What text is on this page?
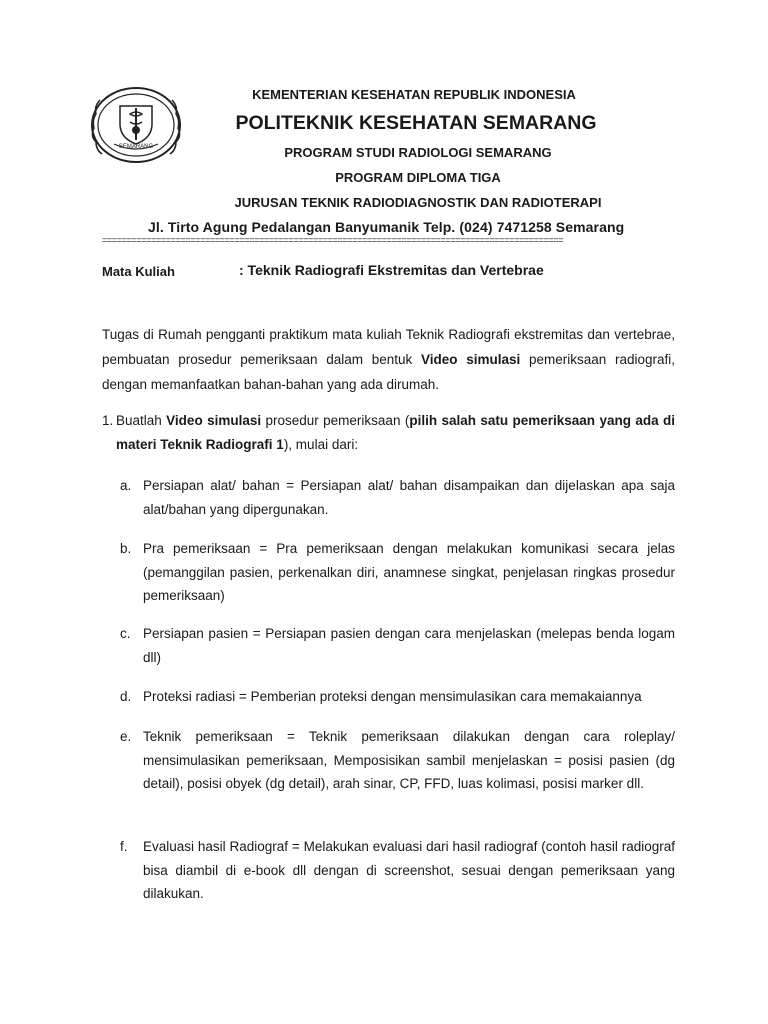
SEMARANG
KEMENTERIAN KESEHATAN REPUBLIK INDONESIA
POLITEKNIK KESEHATAN SEMARANG
PROGRAM STUDI RADIOLOGI SEMARANG
PROGRAM DIPLOMA TIGA
JURUSAN TEKNIK RADIODIAGNOSTIK DAN RADIOTERAPI
Jl. Tirto Agung Pedalangan Banyumanik Telp. (024) 7471258 Semarang
==============================================================================================
Mata Kuliah	: Teknik Radiografi Ekstremitas dan Vertebrae
Tugas di Rumah pengganti praktikum mata kuliah Teknik Radiografi ekstremitas dan vertebrae, pembuatan prosedur pemeriksaan dalam bentuk Video simulasi pemeriksaan radiografi, dengan memanfaatkan bahan-bahan yang ada dirumah.
1. Buatlah Video simulasi prosedur pemeriksaan (pilih salah satu pemeriksaan yang ada di materi Teknik Radiografi 1), mulai dari:
a. Persiapan alat/ bahan = Persiapan alat/ bahan disampaikan dan dijelaskan apa saja alat/bahan yang dipergunakan.
b. Pra pemeriksaan = Pra pemeriksaan dengan melakukan komunikasi secara jelas (pemanggilan pasien, perkenalkan diri, anamnese singkat, penjelasan ringkas prosedur pemeriksaan)
c. Persiapan pasien = Persiapan pasien dengan cara menjelaskan (melepas benda logam dll)
d. Proteksi radiasi = Pemberian proteksi dengan mensimulasikan cara memakaiannya
e. Teknik pemeriksaan = Teknik pemeriksaan dilakukan dengan cara roleplay/ mensimulasikan pemeriksaan, Memposisikan sambil menjelaskan = posisi pasien (dg detail), posisi obyek (dg detail), arah sinar, CP, FFD, luas kolimasi, posisi marker dll.
f.	Evaluasi hasil Radiograf = Melakukan evaluasi dari hasil radiograf (contoh hasil radiograf bisa diambil di e-book dll dengan di screenshot, sesuai dengan pemeriksaan yang dilakukan.
